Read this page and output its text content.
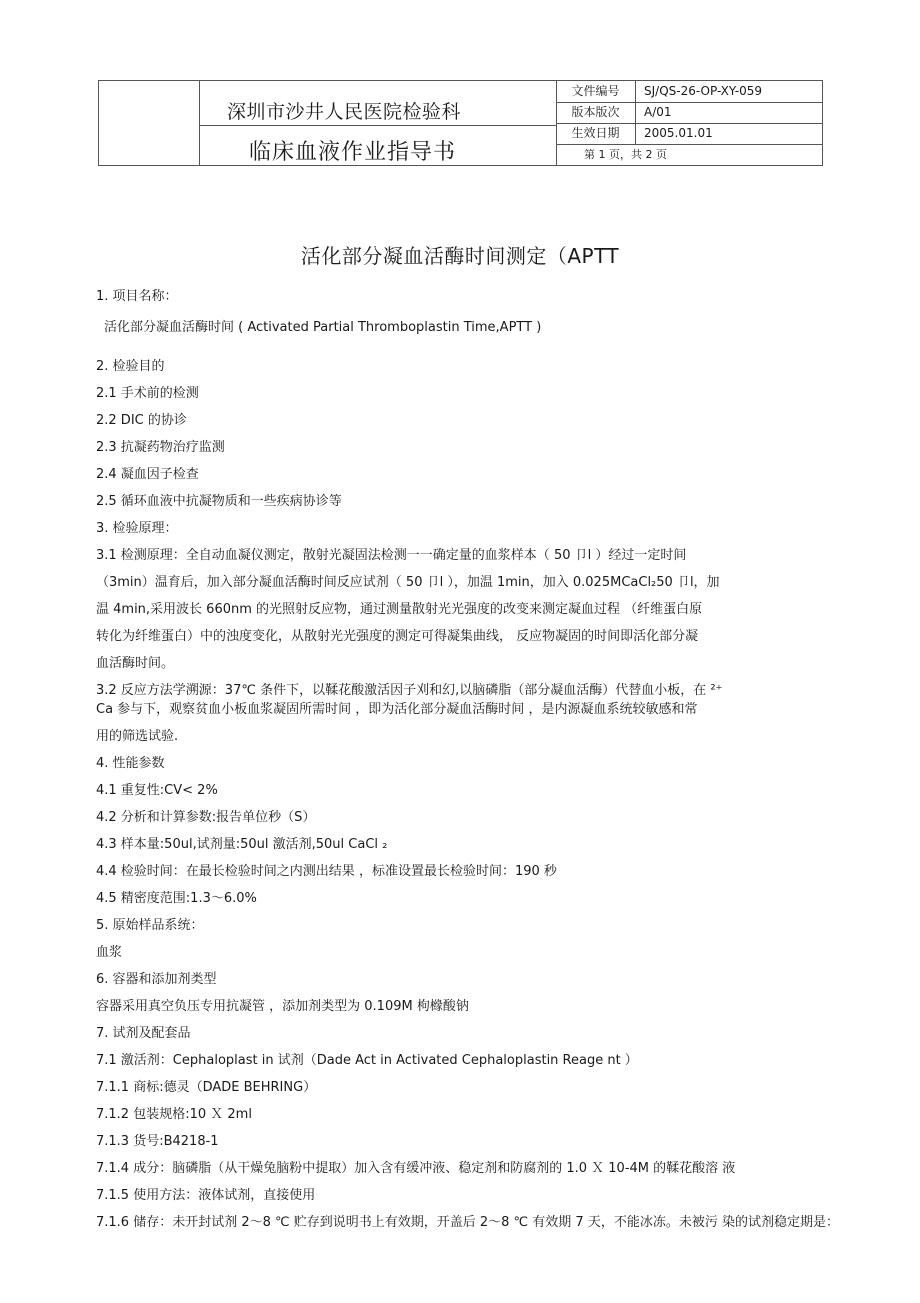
深圳市沙井人民医院检验科
临床血液作业指导书
文件编号	SJ/QS-26-OP-XY-059
版本版次	A/01
生效日期	2005.01.01
第 1 页，共 2 页
活化部分凝血活酶时间测定（APTT
1. 项目名称：
活化部分凝血活酶时间 ( Activated Partial Thromboplastin Time,APTT )
2. 检验目的
2.1 手术前的检测
2.2 DIC 的协诊
2.3 抗凝药物治疗监测
2.4 凝血因子检查
2.5 循环血液中抗凝物质和一些疾病协诊等
3. 检验原理：
3.1 检测原理：全自动血凝仪测定，散射光凝固法检测一一确定量的血浆样本（ 50 卩l ）经过一定时间
（3min）温育后，加入部分凝血活酶时间反应试剂（ 50 卩l ），加温 1min，加入 0.025MCaCl₂50 卩l，加
温 4min,采用波长 660nm 的光照射反应物，通过测量散射光光强度的改变来测定凝血过程 （纤维蛋白原
转化为纤维蛋白）中的浊度变化，从散射光光强度的测定可得凝集曲线， 反应物凝固的时间即活化部分凝
血活酶时间。
3.2 反应方法学溯源：37℃ 条件下，以鞣花酸激活因子刈和幻,以脑磷脂（部分凝血活酶）代替血小板，在 ²⁺
Ca 参与下，观察贫血小板血浆凝固所需时间 ，即为活化部分凝血活酶时间 ，是内源凝血系统较敏感和常
用的筛选试验.
4. 性能参数
4.1 重复性:CV< 2%
4.2 分析和计算参数:报告单位秒（S）
4.3 样本量:50ul,试剂量:50ul 激活剂,50ul CaCl ₂
4.4 检验时间：在最长检验时间之内测出结果 ，标准设置最长检验时间：190 秒
4.5 精密度范围:1.3～6.0%
5. 原始样品系统：
血浆
6. 容器和添加剂类型
容器采用真空负压专用抗凝管 ，添加剂类型为 0.109M 枸橼酸钠
7. 试剂及配套品
7.1 激活剂：Cephaloplast in 试剂（Dade Act in Activated Cephaloplastin Reage nt ）
7.1.1 商标:德灵（DADE BEHRING）
7.1.2 包装规格:10 Ｘ 2ml
7.1.3 货号:B4218-1
7.1.4 成分：脑磷脂（从干燥兔脑粉中提取）加入含有缓冲液、稳定剂和防腐剂的 1.0 Ｘ 10-4M 的鞣花酸溶 液
7.1.5 使用方法：液体试剂，直接使用
7.1.6 储存：未开封试剂 2～8 ℃ 贮存到说明书上有效期，开盖后 2～8 ℃ 有效期 7 天，不能冰冻。未被污 染的试剂稳定期是：
